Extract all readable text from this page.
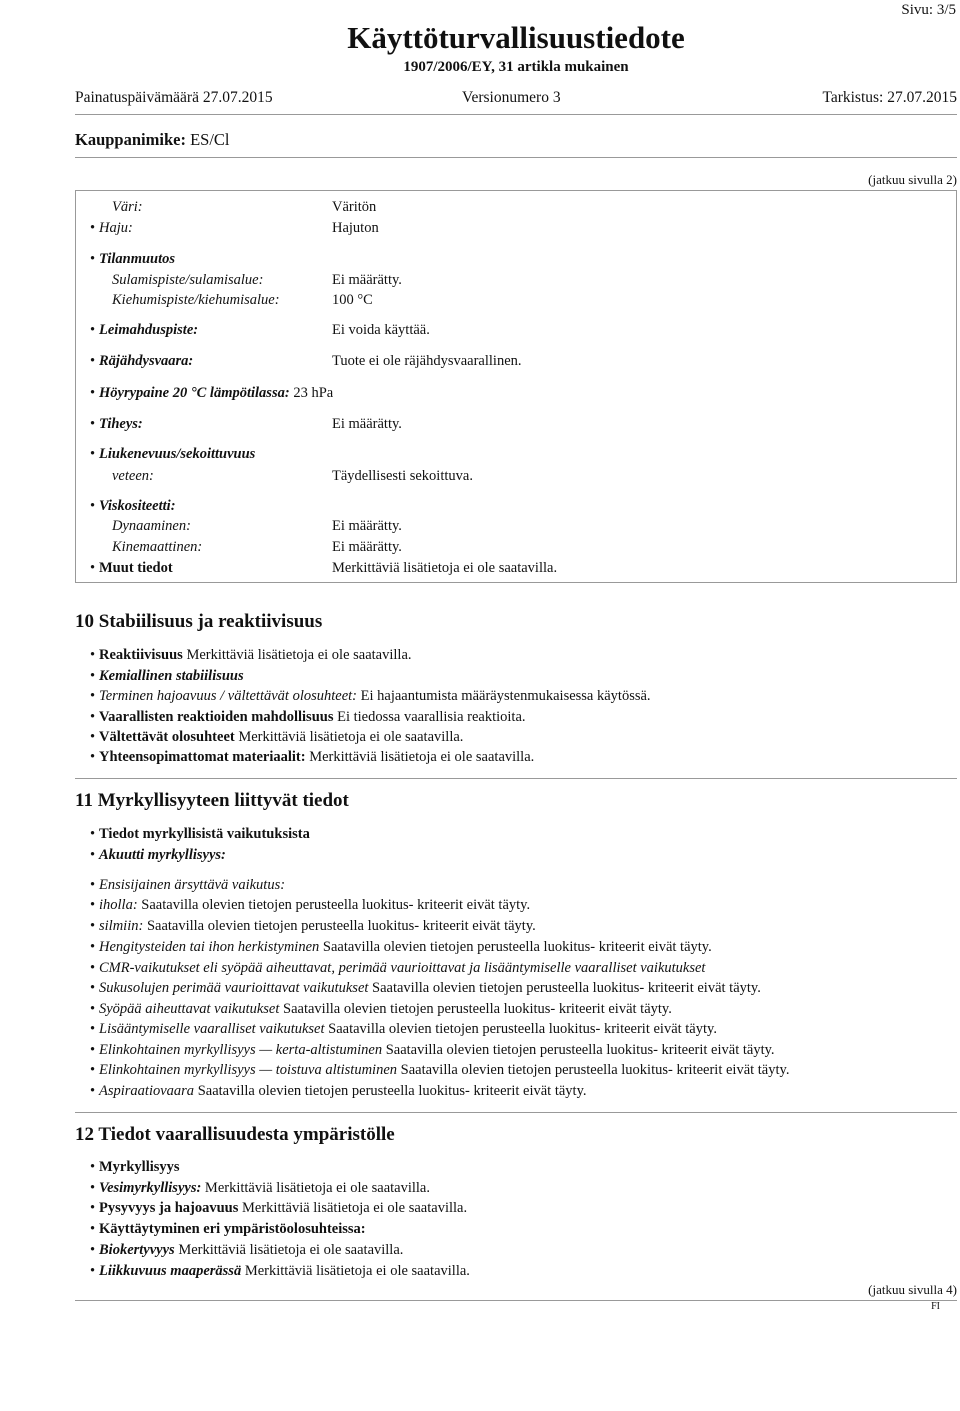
Sivu: 3/5
Käyttöturvallisuustiedote
1907/2006/EY, 31 artikla mukainen
Painatuspäivämäärä 27.07.2015	Versionumero 3	Tarkistus: 27.07.2015
Kauppanimike: ES/Cl
(jatkuu sivulla 2)
Väri:	Väritön
• Haju:	Hajuton
• Tilanmuutos
Sulamispiste/sulamisalue:	Ei määrätty.
Kiehumispiste/kiehumisalue:	100 °C
• Leimahduspiste:	Ei voida käyttää.
• Räjähdysvaara:	Tuote ei ole räjähdysvaarallinen.
• Höyrypaine 20 °C lämpötilassa: 23 hPa
• Tiheys:	Ei määrätty.
• Liukenevuus/sekoittuvuus
veteen:	Täydellisesti sekoittuva.
• Viskositeetti:
Dynaaminen:	Ei määrätty.
Kinemaattinen:	Ei määrätty.
• Muut tiedot	Merkittäviä lisätietoja ei ole saatavilla.
10 Stabiilisuus ja reaktiivisuus
• Reaktiivisuus Merkittäviä lisätietoja ei ole saatavilla.
• Kemiallinen stabiilisuus
• Terminen hajoavuus / vältettävät olosuhteet: Ei hajaantumista määräystenmukaisessa käytössä.
• Vaarallisten reaktioiden mahdollisuus Ei tiedossa vaarallisia reaktioita.
• Vältettävät olosuhteet Merkittäviä lisätietoja ei ole saatavilla.
• Yhteensopimattomat materiaalit: Merkittäviä lisätietoja ei ole saatavilla.
11 Myrkyllisyyteen liittyvät tiedot
• Tiedot myrkyllisistä vaikutuksista
• Akuutti myrkyllisyys:
• Ensisijainen ärsyttävä vaikutus:
• iholla: Saatavilla olevien tietojen perusteella luokitus- kriteerit eivät täyty.
• silmiin: Saatavilla olevien tietojen perusteella luokitus- kriteerit eivät täyty.
• Hengitysteiden tai ihon herkistyminen Saatavilla olevien tietojen perusteella luokitus- kriteerit eivät täyty.
• CMR-vaikutukset eli syöpää aiheuttavat, perimää vaurioittavat ja lisääntymiselle vaaralliset vaikutukset
• Sukusolujen perimää vaurioittavat vaikutukset Saatavilla olevien tietojen perusteella luokitus- kriteerit eivät täyty.
• Syöpää aiheuttavat vaikutukset Saatavilla olevien tietojen perusteella luokitus- kriteerit eivät täyty.
• Lisääntymiselle vaaralliset vaikutukset Saatavilla olevien tietojen perusteella luokitus- kriteerit eivät täyty.
• Elinkohtainen myrkyllisyys — kerta-altistuminen Saatavilla olevien tietojen perusteella luokitus- kriteerit eivät täyty.
• Elinkohtainen myrkyllisyys — toistuva altistuminen Saatavilla olevien tietojen perusteella luokitus- kriteerit eivät täyty.
• Aspiraatiovaara Saatavilla olevien tietojen perusteella luokitus- kriteerit eivät täyty.
12 Tiedot vaarallisuudesta ympäristölle
• Myrkyllisyys
• Vesimyrkyllisyys: Merkittäviä lisätietoja ei ole saatavilla.
• Pysyvyys ja hajoavuus Merkittäviä lisätietoja ei ole saatavilla.
• Käyttäytyminen eri ympäristöolosuhteissa:
• Biokertyvyys Merkittäviä lisätietoja ei ole saatavilla.
• Liikkuvuus maaperässä Merkittäviä lisätietoja ei ole saatavilla.
(jatkuu sivulla 4)
FI
